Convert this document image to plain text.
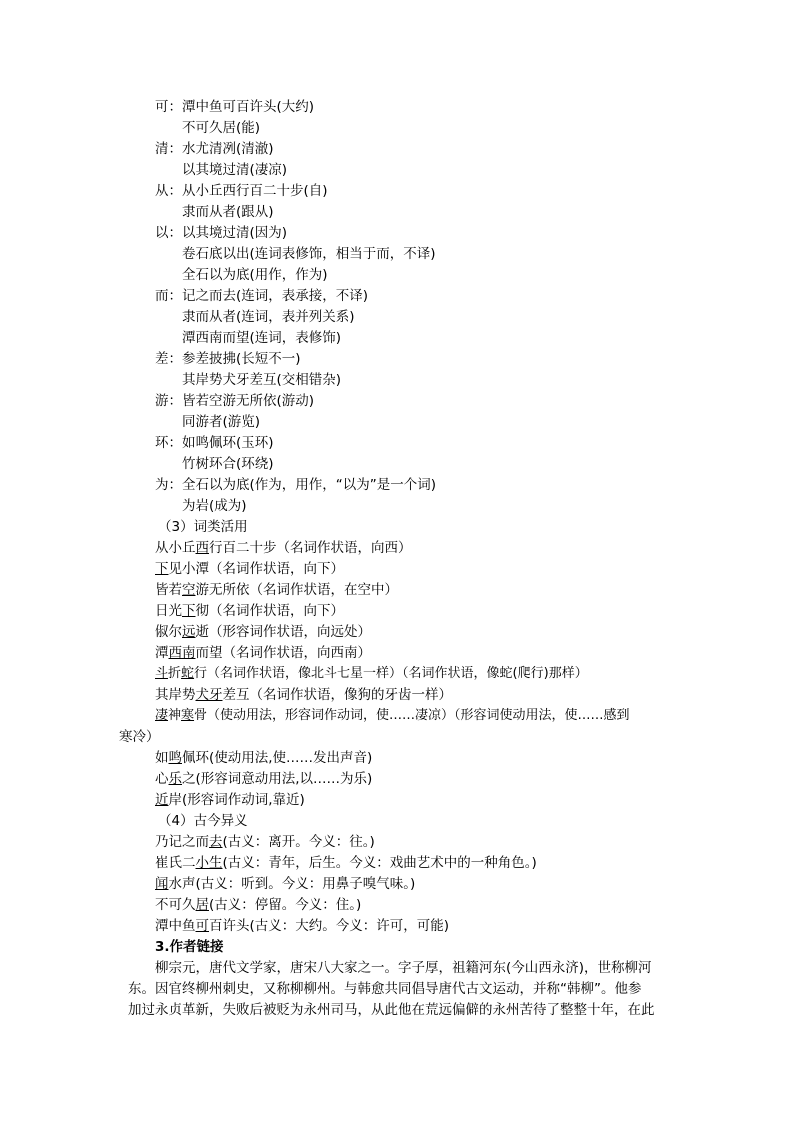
可：潭中鱼可百许头(大约)
不可久居(能)
清：水尤清冽(清澈)
以其境过清(凄凉)
从：从小丘西行百二十步(自)
隶而从者(跟从)
以：以其境过清(因为)
卷石底以出(连词表修饰，相当于而，不译)
全石以为底(用作，作为)
而：记之而去(连词，表承接，不译)
隶而从者(连词，表并列关系)
潭西南而望(连词，表修饰)
差：参差披拂(长短不一)
其岸势犬牙差互(交相错杂)
游：皆若空游无所依(游动)
同游者(游览)
环：如鸣佩环(玉环)
竹树环合(环绕)
为：全石以为底(作为，用作，“以为”是一个词)
为岩(成为)
（3）词类活用
从小丘西行百二十步（名词作状语，向西）
下见小潭（名词作状语，向下）
皆若空游无所依（名词作状语，在空中）
日光下彻（名词作状语，向下）
俶尔远逝（形容词作状语，向远处）
潭西南而望（名词作状语，向西南）
斗折蛇行（名词作状语，像北斗七星一样）（名词作状语，像蛇(爬行)那样）
其岸势犬牙差互（名词作状语，像狗的牙齿一样）
凄神寒骨（使动用法，形容词作动词，使……凄凉）（形容词使动用法，使……感到
寒冷）
如鸣佩环(使动用法,使……发出声音)
心乐之(形容词意动用法,以……为乐)
近岸(形容词作动词,靠近)
（4）古今异义
乃记之而去(古义：离开。今义：往。)
崔氏二小生(古义：青年，后生。今义：戏曲艺术中的一种角色。)
闻水声(古义：听到。今义：用鼻子嗅气味。)
不可久居(古义：停留。今义：住。)
潭中鱼可百许头(古义：大约。今义：许可，可能)
3.作者链接
柳宗元，唐代文学家，唐宋八大家之一。字子厚，祖籍河东(今山西永济)，世称柳河
东。因官终柳州刺史，又称柳柳州。与韩愈共同倡导唐代古文运动，并称“韩柳”。他参
加过永贞革新，失败后被贬为永州司马，从此他在荒远偏僻的永州苦待了整整十年，在此
